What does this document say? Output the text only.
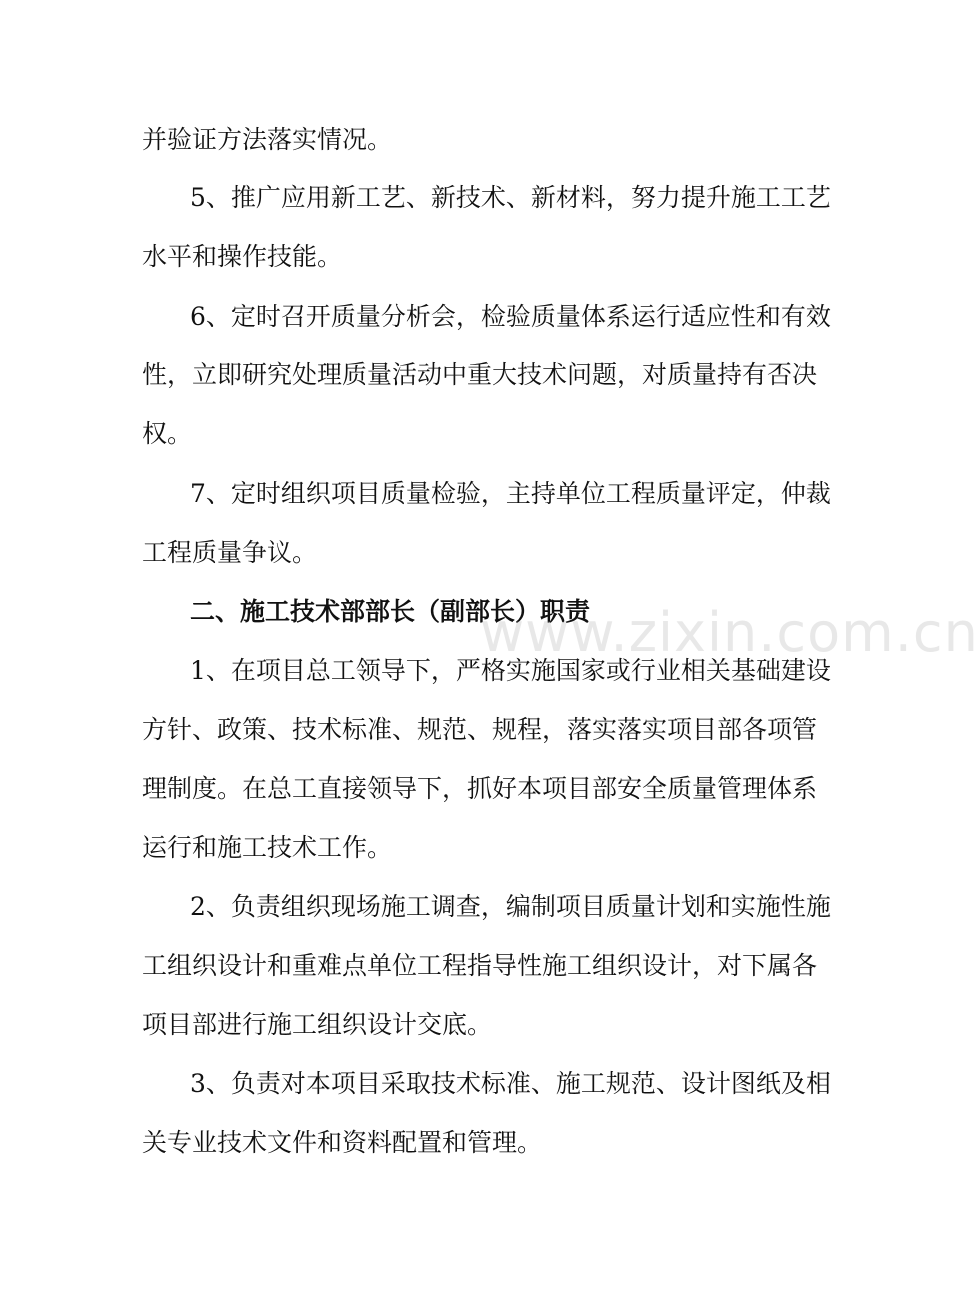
并验证方法落实情况。
5、推广应用新工艺、新技术、新材料，努力提升施工工艺
水平和操作技能。
6、定时召开质量分析会，检验质量体系运行适应性和有效
性，立即研究处理质量活动中重大技术问题，对质量持有否决
权。
7、定时组织项目质量检验，主持单位工程质量评定，仲裁
工程质量争议。
二、施工技术部部长（副部长）职责
1、在项目总工领导下，严格实施国家或行业相关基础建设
方针、政策、技术标准、规范、规程，落实落实项目部各项管
理制度。在总工直接领导下，抓好本项目部安全质量管理体系
运行和施工技术工作。
2、负责组织现场施工调查，编制项目质量计划和实施性施
工组织设计和重难点单位工程指导性施工组织设计，对下属各
项目部进行施工组织设计交底。
3、负责对本项目采取技术标准、施工规范、设计图纸及相
关专业技术文件和资料配置和管理。
www.zixin.com.cn
